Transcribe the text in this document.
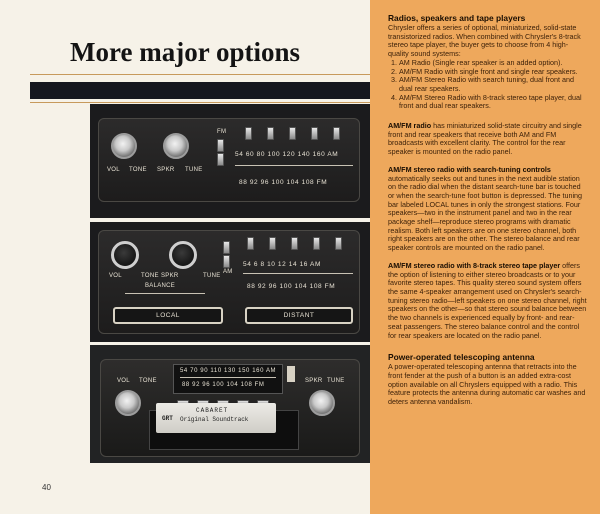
More major options
VOL TONE SPKR TUNE
FM
54 60 80 100 120 140 160 AM
88 92 96 100 104 108 FM
VOL	TONE SPKR	TUNE
AM
BALANCE
54 6 8 10 12 14 16 AM
88 92 96 100 104 108 FM
LOCAL	DISTANT
VOL TONE	SPKR TUNE
54 70 90 110 130 150 160 AM
88 92 96 100 104 108 FM
GRT
CABARET
Original Soundtrack
40
Radios, speakers and tape players

Chrysler offers a series of optional, miniaturized, solid-state transistorized radios. When combined with Chrysler's 8-track stereo tape player, the buyer gets to choose from 4 high-quality sound systems:

1. AM Radio (Single rear speaker is an added option).
2. AM/FM Radio with single front and single rear speakers.
3. AM/FM Stereo Radio with search tuning, dual front and dual rear speakers.
4. AM/FM Stereo Radio with 8-track stereo tape player, dual front and dual rear speakers.

AM/FM radio has miniaturized solid-state circuitry and single front and rear speakers that receive both AM and FM broadcasts with excellent clarity. The control for the rear speaker is mounted on the radio panel.

AM/FM stereo radio with search-tuning controls automatically seeks out and tunes in the next audible station on the radio dial when the distant search-tune bar is touched or when the search-tune foot button is depressed. The tuning bar labeled LOCAL tunes in only the strongest stations. Four speakers—two in the instrument panel and two in the rear package shelf—reproduce stereo programs with dramatic realism. Both left speakers are on one stereo channel, both right speakers are on the other. The stereo balance and rear speaker controls are mounted on the radio panel.

AM/FM stereo radio with 8-track stereo tape player offers the option of listening to either stereo broadcasts or to your favorite stereo tapes. This quality stereo sound system offers the same 4-speaker arrangement used on Chrysler's search-tuning stereo radio—left speakers on one stereo channel, right speakers on the other—so that stereo sound balance between the two channels is experienced equally by front- and rear-seat passengers. The stereo balance control and the control for rear speakers are located on the radio panel.

Power-operated telescoping antenna

A power-operated telescoping antenna that retracts into the front fender at the push of a button is an added extra-cost option available on all Chryslers equipped with a radio. This feature protects the antenna during automatic car washes and deters antenna vandalism.
